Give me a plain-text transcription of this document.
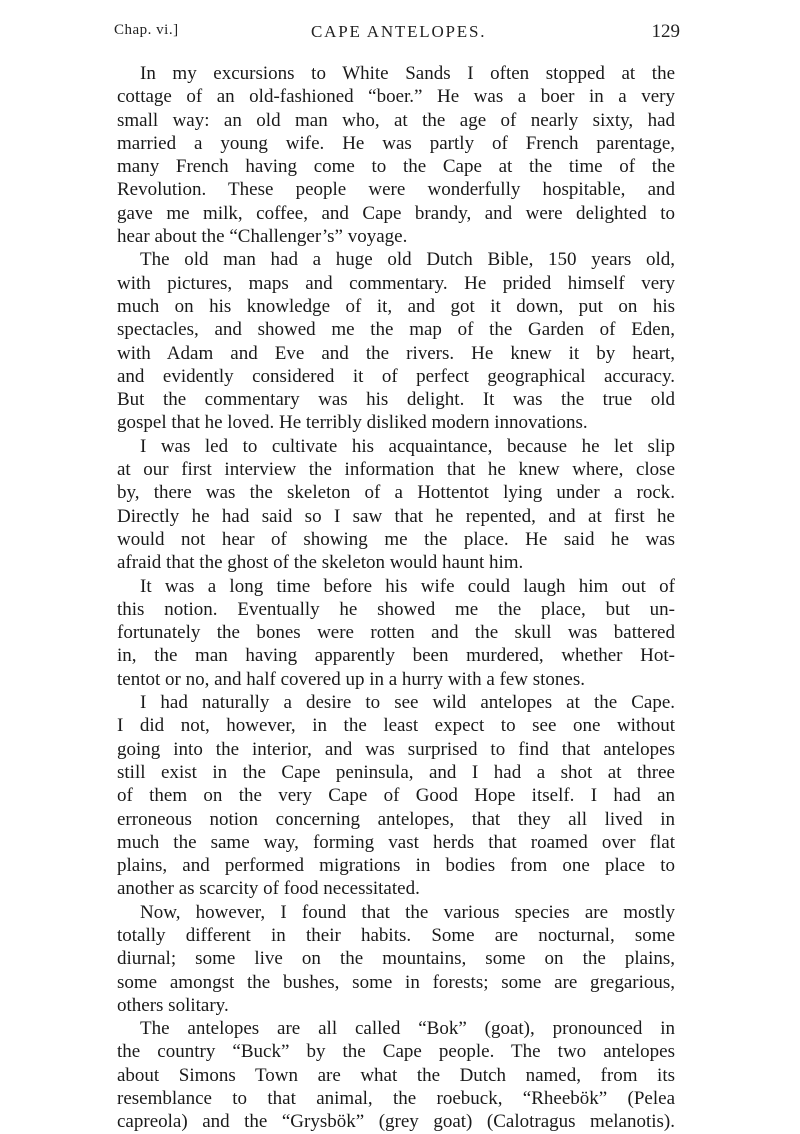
Chap. vi.]	CAPE ANTELOPES.	129
In my excursions to White Sands I often stopped at the
cottage of an old-fashioned “boer.” He was a boer in a very
small way: an old man who, at the age of nearly sixty, had
married a young wife. He was partly of French parentage,
many French having come to the Cape at the time of the
Revolution. These people were wonderfully hospitable, and
gave me milk, coffee, and Cape brandy, and were delighted to
hear about the “Challenger’s” voyage.
The old man had a huge old Dutch Bible, 150 years old,
with pictures, maps and commentary. He prided himself very
much on his knowledge of it, and got it down, put on his
spectacles, and showed me the map of the Garden of Eden,
with Adam and Eve and the rivers. He knew it by heart,
and evidently considered it of perfect geographical accuracy.
But the commentary was his delight. It was the true old
gospel that he loved. He terribly disliked modern innovations.
I was led to cultivate his acquaintance, because he let slip
at our first interview the information that he knew where, close
by, there was the skeleton of a Hottentot lying under a rock.
Directly he had said so I saw that he repented, and at first he
would not hear of showing me the place. He said he was
afraid that the ghost of the skeleton would haunt him.
It was a long time before his wife could laugh him out of
this notion. Eventually he showed me the place, but un-
fortunately the bones were rotten and the skull was battered
in, the man having apparently been murdered, whether Hot-
tentot or no, and half covered up in a hurry with a few stones.
I had naturally a desire to see wild antelopes at the Cape.
I did not, however, in the least expect to see one without
going into the interior, and was surprised to find that antelopes
still exist in the Cape peninsula, and I had a shot at three
of them on the very Cape of Good Hope itself. I had an
erroneous notion concerning antelopes, that they all lived in
much the same way, forming vast herds that roamed over flat
plains, and performed migrations in bodies from one place to
another as scarcity of food necessitated.
Now, however, I found that the various species are mostly
totally different in their habits. Some are nocturnal, some
diurnal; some live on the mountains, some on the plains,
some amongst the bushes, some in forests; some are gregarious,
others solitary.
The antelopes are all called “Bok” (goat), pronounced in
the country “Buck” by the Cape people. The two antelopes
about Simons Town are what the Dutch named, from its
resemblance to that animal, the roebuck, “Rheebök” (Pelea
capreola) and the “Grysbök” (grey goat) (Calotragus melanotis).
